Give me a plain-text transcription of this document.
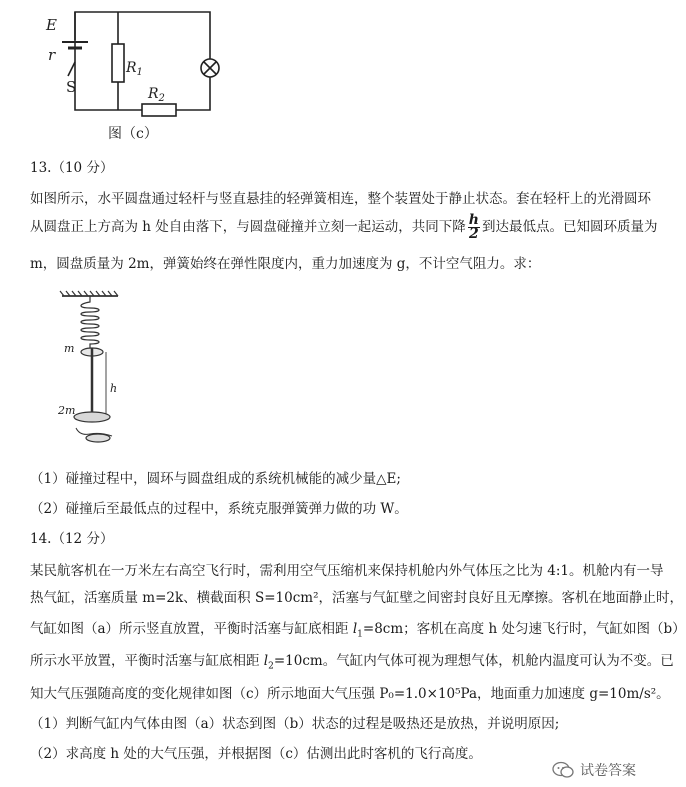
E
r
S
$R_1$
$R_2$
图（c）
13.（10 分）
如图所示，水平圆盘通过轻杆与竖直悬挂的轻弹簧相连，整个装置处于静止状态。套在轻杆上的光滑圆环
从圆盘正上方高为 h 处自由落下，与圆盘碰撞并立刻一起运动，共同下降 $\frac{h}{2}$ 到达最低点。已知圆环质量为
m，圆盘质量为 2m，弹簧始终在弹性限度内，重力加速度为 g，不计空气阻力。求：
m
h
2m
（1）碰撞过程中，圆环与圆盘组成的系统机械能的减少量△E;
（2）碰撞后至最低点的过程中，系统克服弹簧弹力做的功 W。
14.（12 分）
某民航客机在一万米左右高空飞行时，需利用空气压缩机来保持机舱内外气体压之比为 4:1。机舱内有一导
热气缸，活塞质量 m=2k、横截面积 S=10cm²，活塞与气缸壁之间密封良好且无摩擦。客机在地面静止时，
气缸如图（a）所示竖直放置，平衡时活塞与缸底相距 $l_1=8cm$；客机在高度 h 处匀速飞行时，气缸如图（b）
所示水平放置，平衡时活塞与缸底相距 $l_2=10cm$。气缸内气体可视为理想气体，机舱内温度可认为不变。已
知大气压强随高度的变化规律如图（c）所示地面大气压强 P₀=1.0×10⁵Pa，地面重力加速度 g=10m/s²。
（1）判断气缸内气体由图（a）状态到图（b）状态的过程是吸热还是放热，并说明原因;
（2）求高度 h 处的大气压强，并根据图（c）估测出此时客机的飞行高度。
试卷答案
